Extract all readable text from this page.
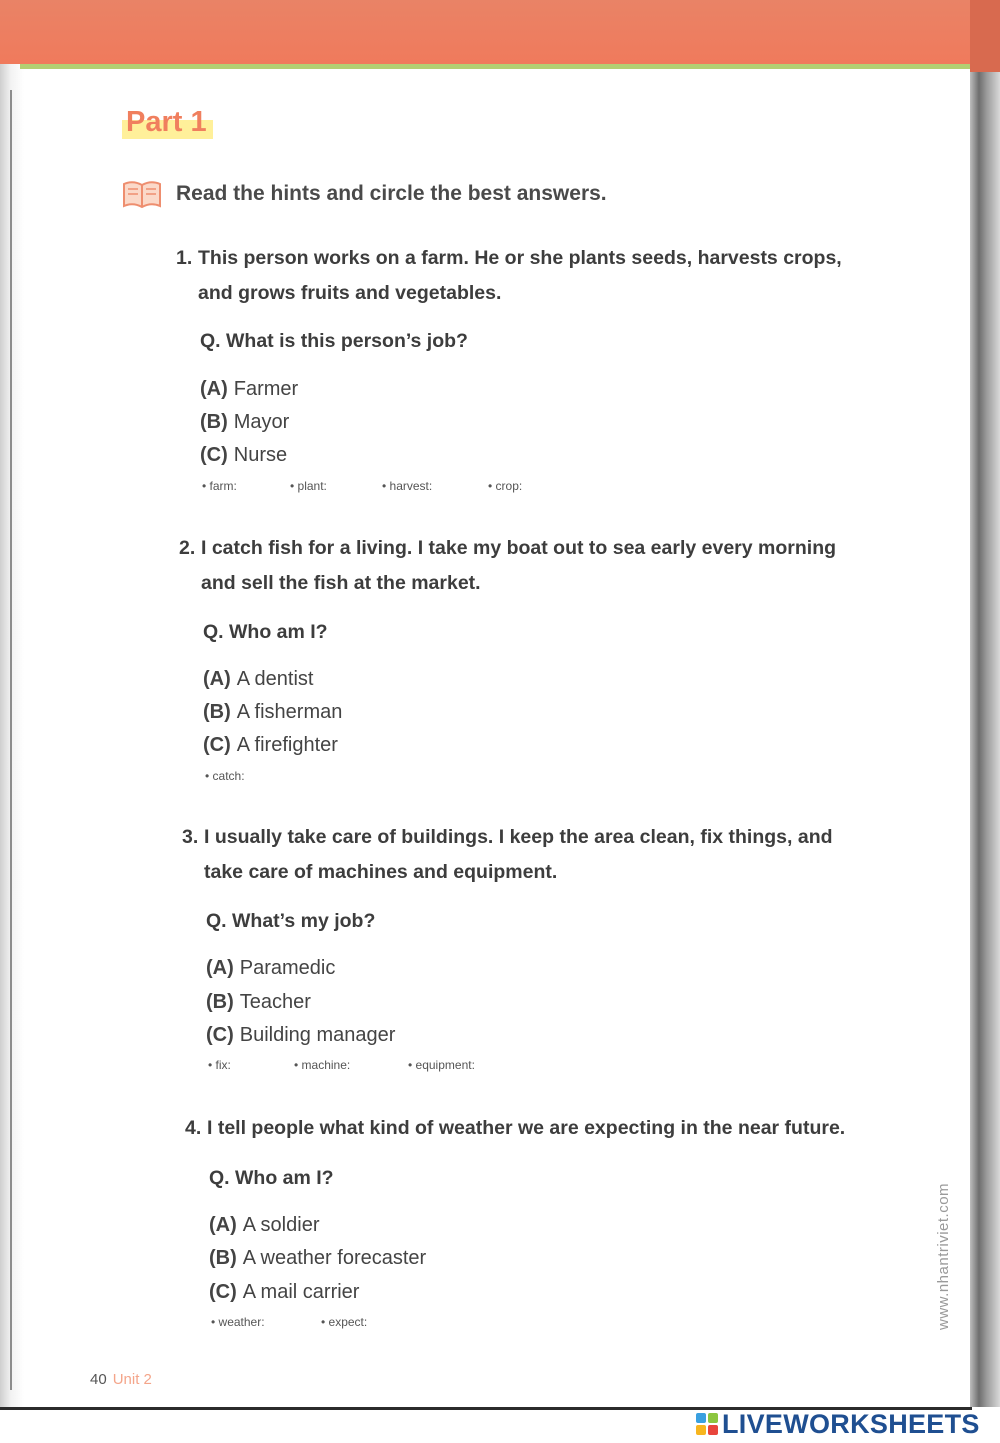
Part 1
Read the hints and circle the best answers.
1. This person works on a farm. He or she plants seeds, harvests crops,
and grows fruits and vegetables.
Q. What is this person’s job?
(A) Farmer
(B) Mayor
(C) Nurse
• farm:	• plant:	• harvest:	• crop:
2. I catch fish for a living. I take my boat out to sea early every morning
and sell the fish at the market.
Q. Who am I?
(A) A dentist
(B) A fisherman
(C) A firefighter
• catch:
3. I usually take care of buildings. I keep the area clean, fix things, and
take care of machines and equipment.
Q. What’s my job?
(A) Paramedic
(B) Teacher
(C) Building manager
• fix:	• machine:	• equipment:
4. I tell people what kind of weather we are expecting in the near future.
Q. Who am I?
(A) A soldier
(B) A weather forecaster
(C) A mail carrier
• weather:	• expect:	www.nhantriviet.com
40 Unit 2
LIVEWORKSHEETS
